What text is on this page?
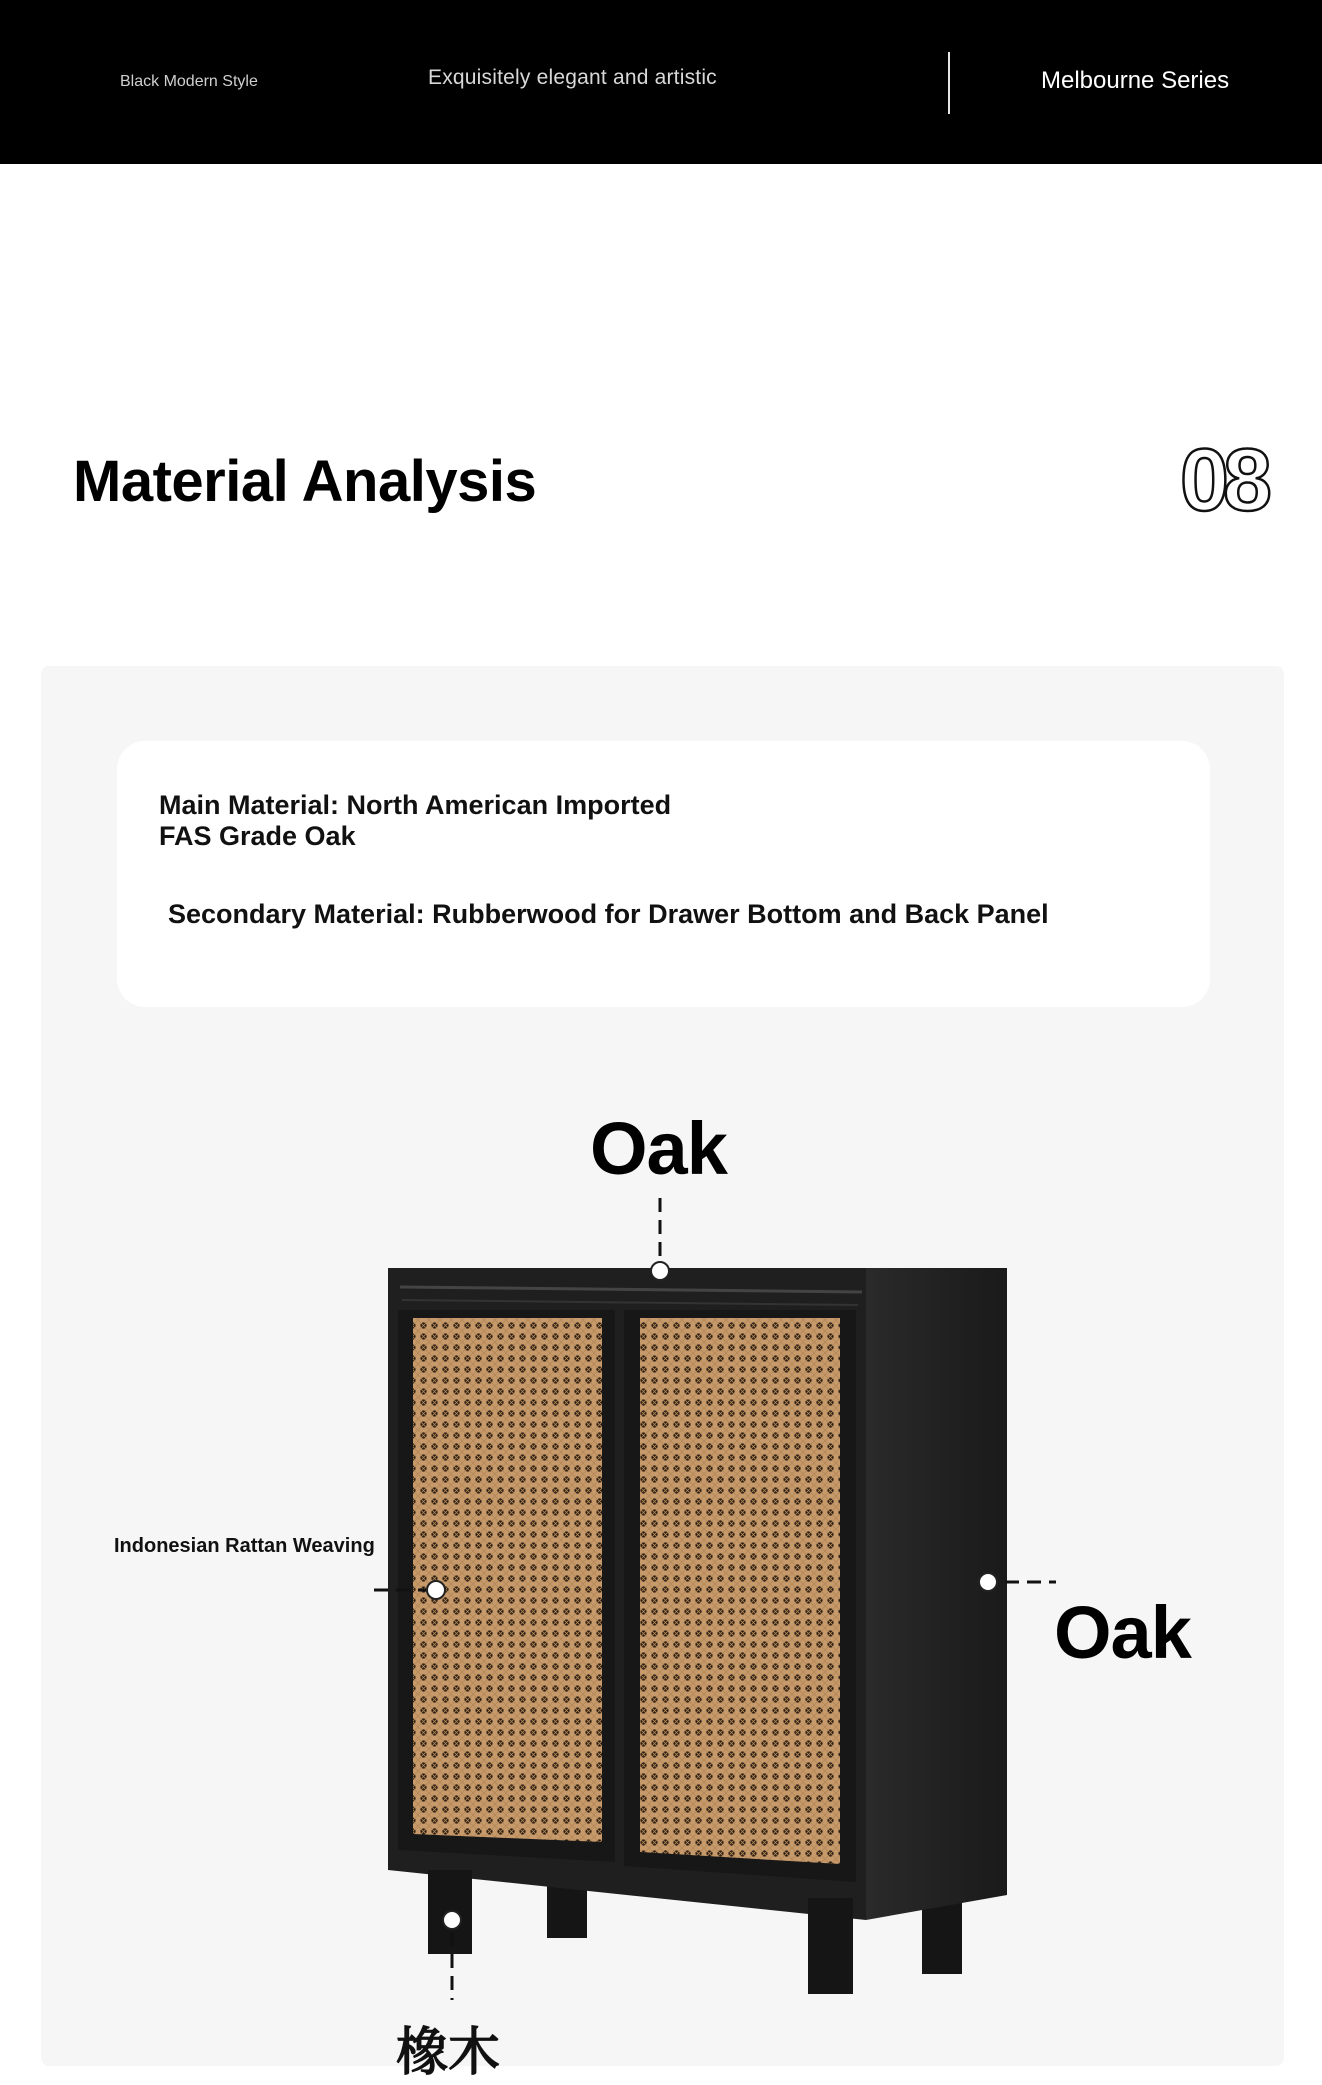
Black Modern Style	Exquisitely elegant and artistic	Melbourne Series
Material Analysis	08
Main Material: North American Imported
FAS Grade Oak
Secondary Material: Rubberwood for Drawer Bottom and Back Panel
Oak
Oak
Indonesian Rattan Weaving
橡木
